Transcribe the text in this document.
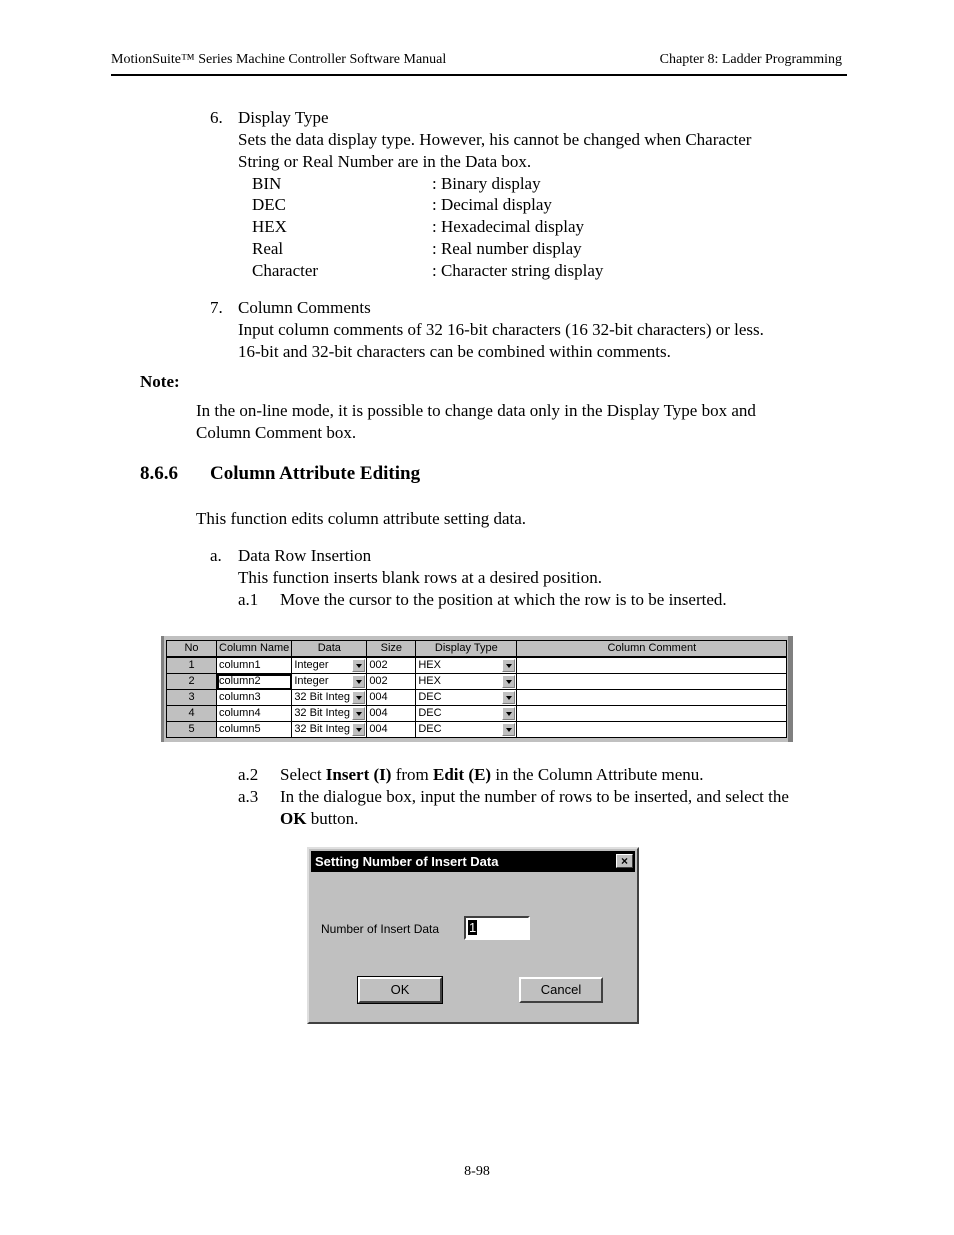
MotionSuite™ Series Machine Controller Software Manual	Chapter 8: Ladder Programming
6. Display Type
Sets the data display type. However, his cannot be changed when Character
String or Real Number are in the Data box.
BIN	: Binary display
DEC	: Decimal display
HEX	: Hexadecimal display
Real	: Real number display
Character	: Character string display
7. Column Comments
Input column comments of 32 16-bit characters (16 32-bit characters) or less.
16-bit and 32-bit characters can be combined within comments.
Note:
In the on-line mode, it is possible to change data only in the Display Type box and
Column Comment box.
8.6.6 Column Attribute Editing
This function edits column attribute setting data.
a. Data Row Insertion
This function inserts blank rows at a desired position.
a.1 Move the cursor to the position at which the row is to be inserted.
No	Column Name	Data	Size	Display Type	Column Comment
1	column1	Integer	002	HEX

2	column2	Integer	002	HEX

3	column3	32 Bit Integ	004	DEC

4	column4	32 Bit Integ	004	DEC

5	column5	32 Bit Integ	004	DEC

a.2 Select Insert (I) from Edit (E) in the Column Attribute menu.
a.3 In the dialogue box, input the number of rows to be inserted, and select the
OK button.
Setting Number of Insert Data	×
Number of Insert Data	1
OK	Cancel
8-98
